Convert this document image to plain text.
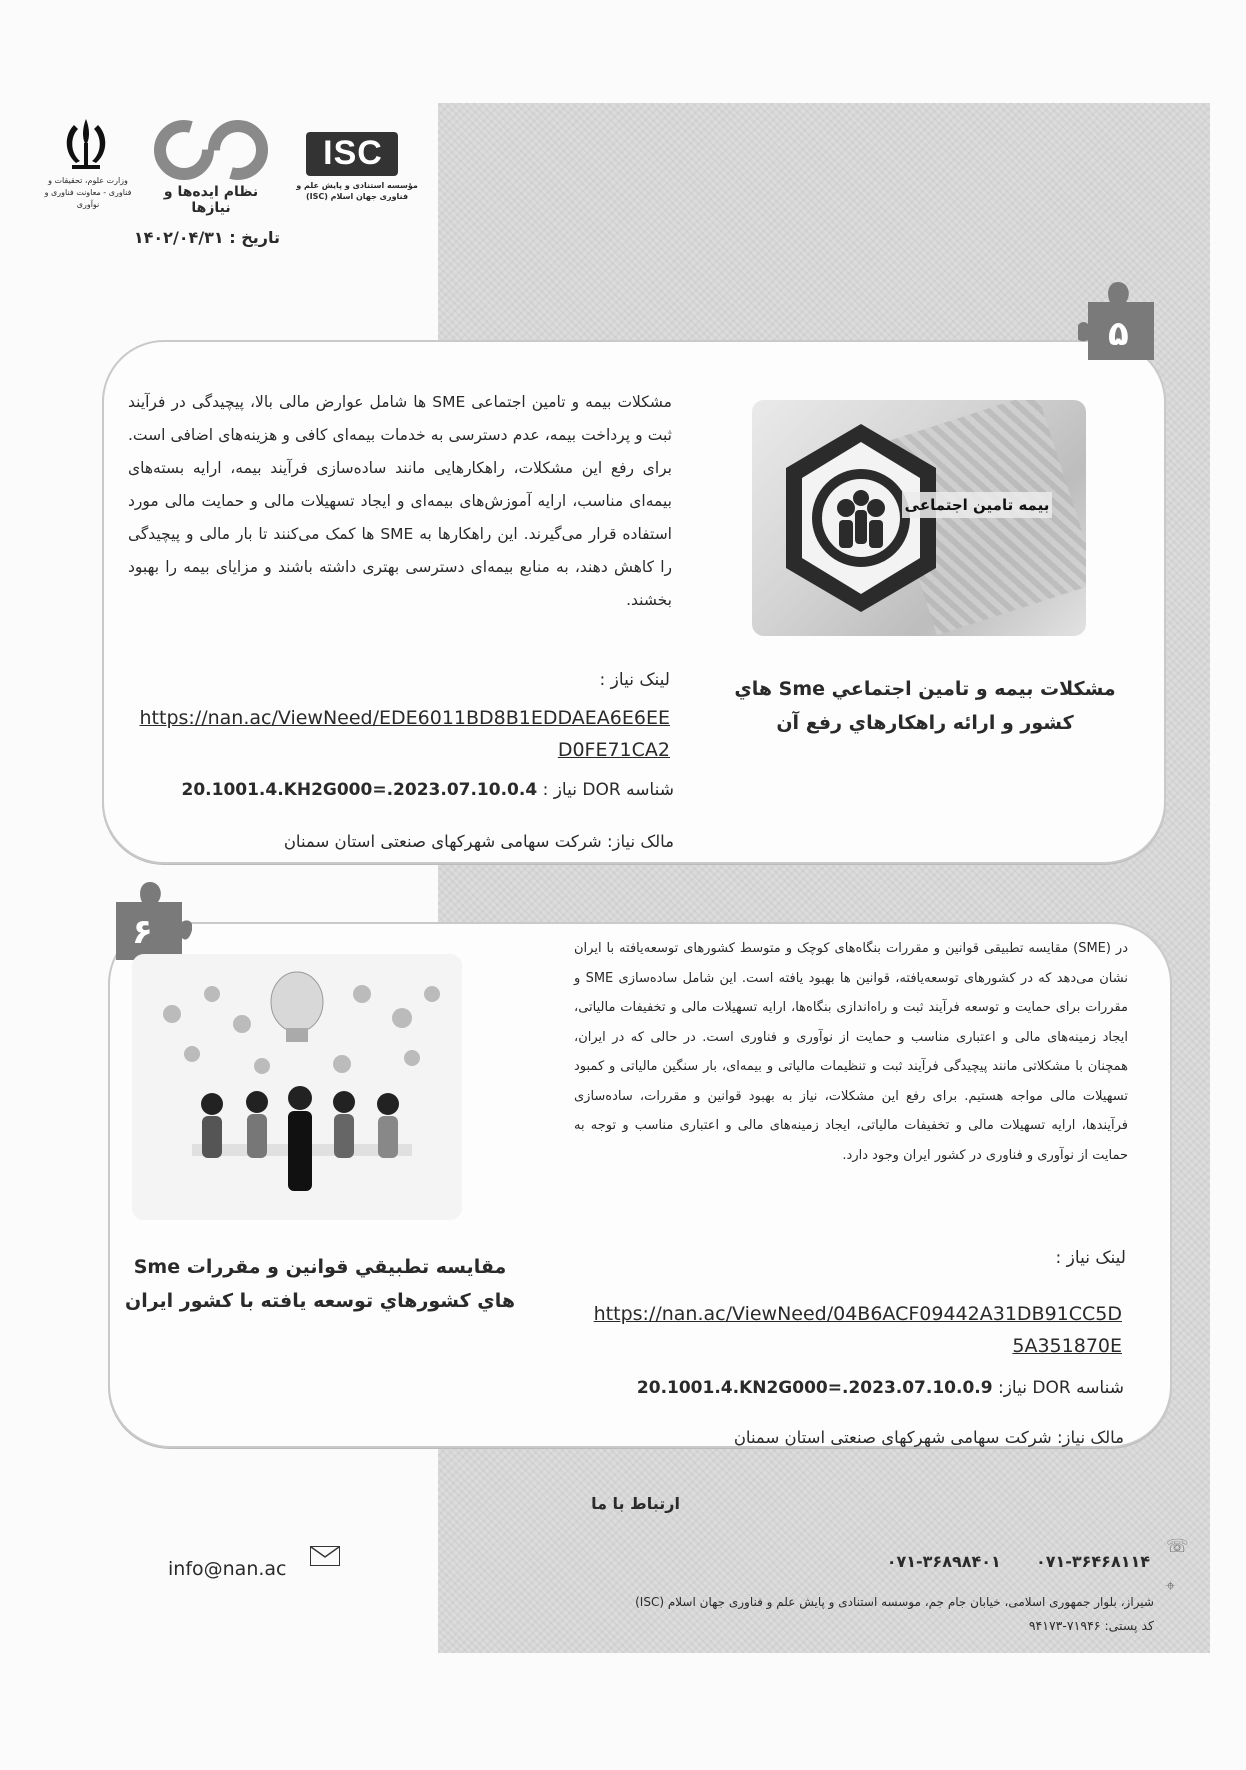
ISC
مؤسسه استنادی و پایش علم و فناوری جهان اسلام (ISC)
نظام ایده‌ها و نیازها
وزارت علوم، تحقیقات و فناوری - معاونت فناوری و نوآوری
تاریخ : ۱۴۰۲/۰۴/۳۱
۵
بیمه تامین اجتماعی
مشکلات بیمه و تامین اجتماعي Sme هاي
کشور و ارائه راهکارهاي رفع آن
مشکلات بیمه و تامین اجتماعی SME ها شامل عوارض مالی بالا، پیچیدگی در فرآیند ثبت و پرداخت بیمه، عدم دسترسی به خدمات بیمه‌ای کافی و هزینه‌های اضافی است. برای رفع این مشکلات، راهکارهایی مانند ساده‌سازی فرآیند بیمه، ارایه بسته‌های بیمه‌ای مناسب، ارایه آموزش‌های بیمه‌ای و ایجاد تسهیلات مالی و حمایت مالی مورد استفاده قرار می‌گیرند. این راهکارها به SME ها کمک می‌کنند تا بار مالی و پیچیدگی را کاهش دهند، به منابع بیمه‌ای دسترسی بهتری داشته باشند و مزایای بیمه را بهبود بخشند.
لینک نیاز :
https://nan.ac/ViewNeed/EDE6011BD8B1EDDAEA6E6EE
D0FE71CA2
20.1001.4.KH2G000=.2023.07.10.0.4 شناسه DOR نیاز :
مالک نیاز: شرکت سهامی شهرکهای صنعتی استان سمنان
۶
مقایسه تطبیقي قوانین و مقررات Sme
هاي کشورهاي توسعه یافته با کشور ایران
در (SME) مقایسه تطبیقی قوانین و مقررات بنگاه‌های کوچک و متوسط کشورهای توسعه‌یافته با ایران نشان می‌دهد که در کشورهای توسعه‌یافته، قوانین ها بهبود یافته است. این شامل ساده‌سازی SME و مقررات برای حمایت و توسعه فرآیند ثبت و راه‌اندازی بنگاه‌ها، ارایه تسهیلات مالی و تخفیفات مالیاتی، ایجاد زمینه‌های مالی و اعتباری مناسب و حمایت از نوآوری و فناوری است. در حالی که در ایران، همچنان با مشکلاتی مانند پیچیدگی فرآیند ثبت و تنظیمات مالیاتی و بیمه‌ای، بار سنگین مالیاتی و کمبود تسهیلات مالی مواجه هستیم. برای رفع این مشکلات، نیاز به بهبود قوانین و مقررات، ساده‌سازی فرآیندها، ارایه تسهیلات مالی و تخفیفات مالیاتی، ایجاد زمینه‌های مالی و اعتباری مناسب و توجه به حمایت از نوآوری و فناوری در کشور ایران وجود دارد.
لینک نیاز :
https://nan.ac/ViewNeed/04B6ACF09442A31DB91CC5D
5A351870E
20.1001.4.KN2G000=.2023.07.10.0.9 شناسه DOR نیاز:
مالک نیاز: شرکت سهامی شهرکهای صنعتی استان سمنان
ارتباط با ما
info@nan.ac
☏
۰۷۱-۳۶۸۹۸۴۰۱ ۰۷۱-۳۶۴۶۸۱۱۴
⌖
شیراز، بلوار جمهوری اسلامی، خیابان جام جم، موسسه استنادی و پایش علم و فناوری جهان اسلام (ISC)
کد پستی: ۷۱۹۴۶-۹۴۱۷۳
